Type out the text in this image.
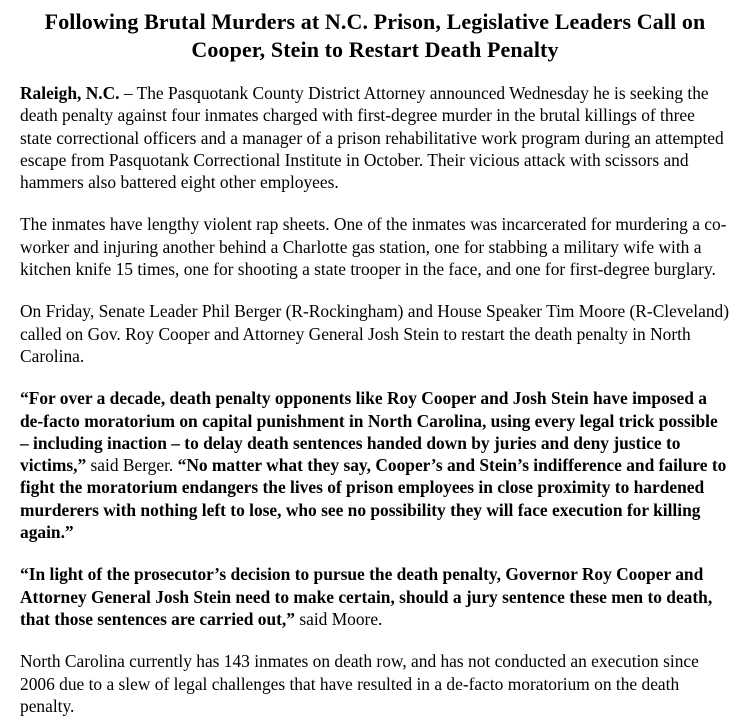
Following Brutal Murders at N.C. Prison, Legislative Leaders Call on
Cooper, Stein to Restart Death Penalty

Raleigh, N.C. – The Pasquotank County District Attorney announced Wednesday he is seeking the death penalty against four inmates charged with first-degree murder in the brutal killings of three state correctional officers and a manager of a prison rehabilitative work program during an attempted escape from Pasquotank Correctional Institute in October. Their vicious attack with scissors and hammers also battered eight other employees.

The inmates have lengthy violent rap sheets. One of the inmates was incarcerated for murdering a co-worker and injuring another behind a Charlotte gas station, one for stabbing a military wife with a kitchen knife 15 times, one for shooting a state trooper in the face, and one for first-degree burglary.

On Friday, Senate Leader Phil Berger (R-Rockingham) and House Speaker Tim Moore (R-Cleveland) called on Gov. Roy Cooper and Attorney General Josh Stein to restart the death penalty in North Carolina.

“For over a decade, death penalty opponents like Roy Cooper and Josh Stein have imposed a de-facto moratorium on capital punishment in North Carolina, using every legal trick possible – including inaction – to delay death sentences handed down by juries and deny justice to victims,” said Berger. “No matter what they say, Cooper’s and Stein’s indifference and failure to fight the moratorium endangers the lives of prison employees in close proximity to hardened murderers with nothing left to lose, who see no possibility they will face execution for killing again.”

“In light of the prosecutor’s decision to pursue the death penalty, Governor Roy Cooper and Attorney General Josh Stein need to make certain, should a jury sentence these men to death, that those sentences are carried out,” said Moore.

North Carolina currently has 143 inmates on death row, and has not conducted an execution since 2006 due to a slew of legal challenges that have resulted in a de-facto moratorium on the death penalty.
